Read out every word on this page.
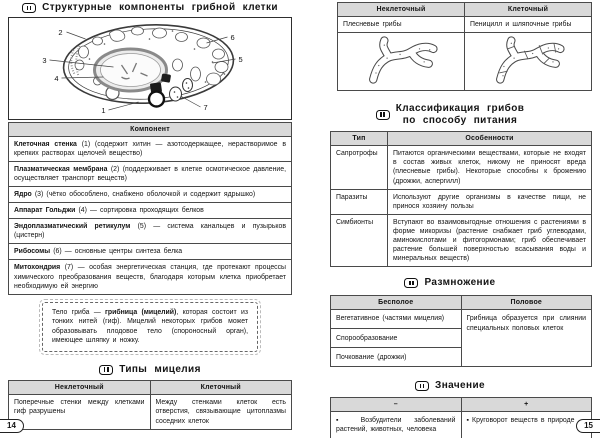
Структурные компоненты грибной клетки
2
6
3	5
4
1	7
Компонент
Клеточная стенка (1) (содержит хитин — азотсодержащее, нерастворимое в крепких растворах щелочей вещество)
Плазматическая мембрана (2) (поддерживает в клетке осмотическое давление, осуществляет транспорт веществ)
Ядро (3) (чётко обособлено, снабжено оболочкой и содержит ядрышко)
Аппарат Гольджи (4) — сортировка проходящих белков
Эндоплазматический ретикулум (5) — система канальцев и пузырьков (цистерн)
Рибосомы (6) — основные центры синтеза белка
Митохондрия (7) — особая энергетическая станция, где протекают процессы химического преобразования веществ, благодаря которым клетка приобретает необходимую ей энергию
Тело гриба — грибница (мицелий), которая состоит из тонких нитей (гиф). Мицелий некоторых грибов может образовывать плодовое тело (спороносный орган), имеющее шляпку и ножку.
Типы мицелия
Неклеточный	Клеточный
Поперечные стенки между клетками гиф разрушены	Между стенками клеток есть отверстия, связывающие цитоплазмы соседних клеток
14
Неклеточный	Клеточный
Плесневые грибы	Пеницилл и шляпочные грибы

Классификация грибов
по способу питания
Тип	Особенности
Сапротрофы	Питаются органическими веществами, которые не входят в состав живых клеток, никому не приносят вреда (плесневые грибы). Некоторые способны к брожению (дрожжи, аспергилл)
Паразиты	Используют другие организмы в качестве пищи, не принося хозяину пользы
Симбионты	Вступают во взаимовыгодные отношения с растениями в форме микоризы (растение снабжает гриб углеводами, аминокислотами и фитогормонами; гриб обеспечивает растение большей поверхностью всасывания воды и минеральных веществ)
Размножение
Бесполое	Половое
Вегетативное (частями мицелия)	Грибница образуется при слиянии специальных половых клеток
Спорообразование	
Почкование (дрожжи)	
Значение
–	+
▪ Возбудители заболеваний растений, животных, человека	▪ Круговорот веществ в природе
15
